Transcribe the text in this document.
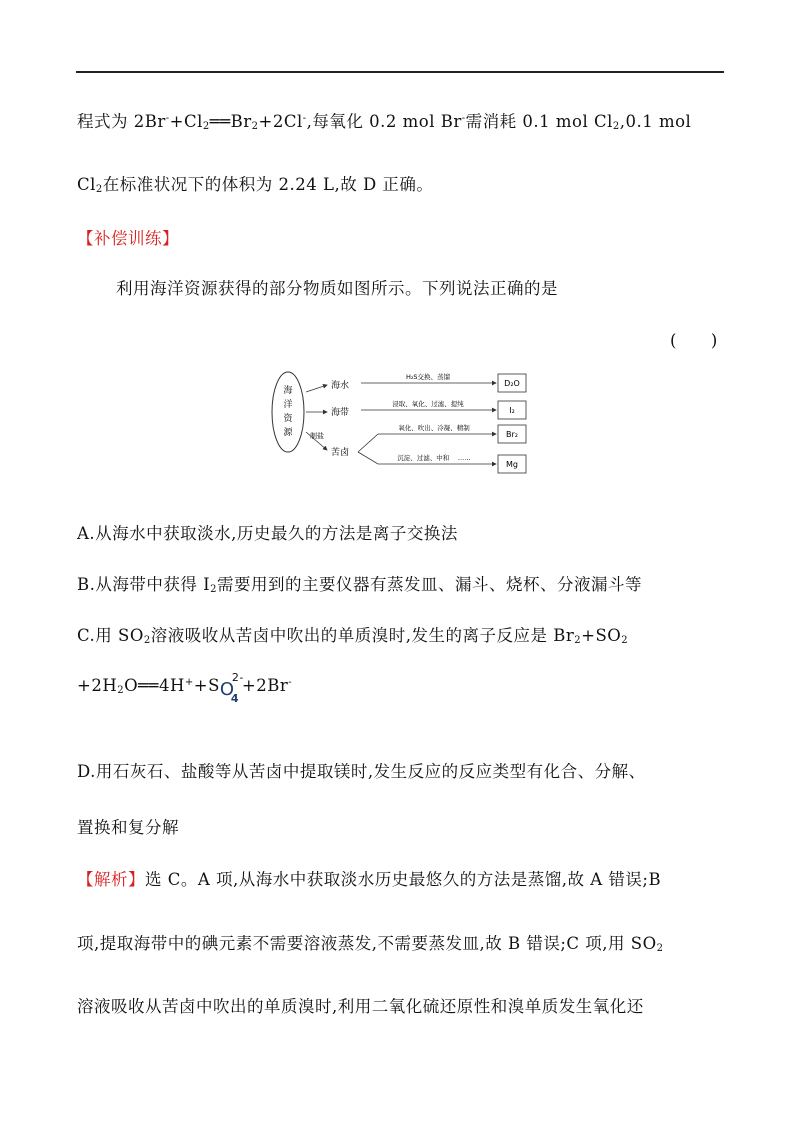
程式为 $2Br^-+Cl_2══Br_2+2Cl^-$,每氧化 0.2 mol Br-需消耗 0.1 mol $Cl_2,0.1$ mol
$Cl_2$在标准状况下的体积为 2.24 L,故 D 正确。
【补偿训练】
利用海洋资源获得的部分物质如图所示。下列说法正确的是
(　　)
海
洋
资
源
海水
海带
制盐
苦卤
H₂S交换、蒸馏
浸取、氧化、过滤、提纯
氧化、吹出、冷凝、精制
沉淀、过滤、中和　 ……
D₂O
I₂
Br₂
Mg
A.从海水中获取淡水,历史最久的方法是离子交换法
B.从海带中获得 $I_2$需要用到的主要仪器有蒸发皿、漏斗、烧杯、分液漏斗等
C.用 $SO_2$溶液吸收从苦卤中吹出的单质溴时,发生的离子反应是 $Br_2+SO_2$
$+2H_2O══4H^++S$ O
4
2-
+2Br-
D.用石灰石、盐酸等从苦卤中提取镁时,发生反应的反应类型有化合、分解、
置换和复分解
【解析】选 C。A 项,从海水中获取淡水历史最悠久的方法是蒸馏,故 A 错误;B
项,提取海带中的碘元素不需要溶液蒸发,不需要蒸发皿,故 B 错误;C 项,用 $SO_2$
溶液吸收从苦卤中吹出的单质溴时,利用二氧化硫还原性和溴单质发生氧化还
